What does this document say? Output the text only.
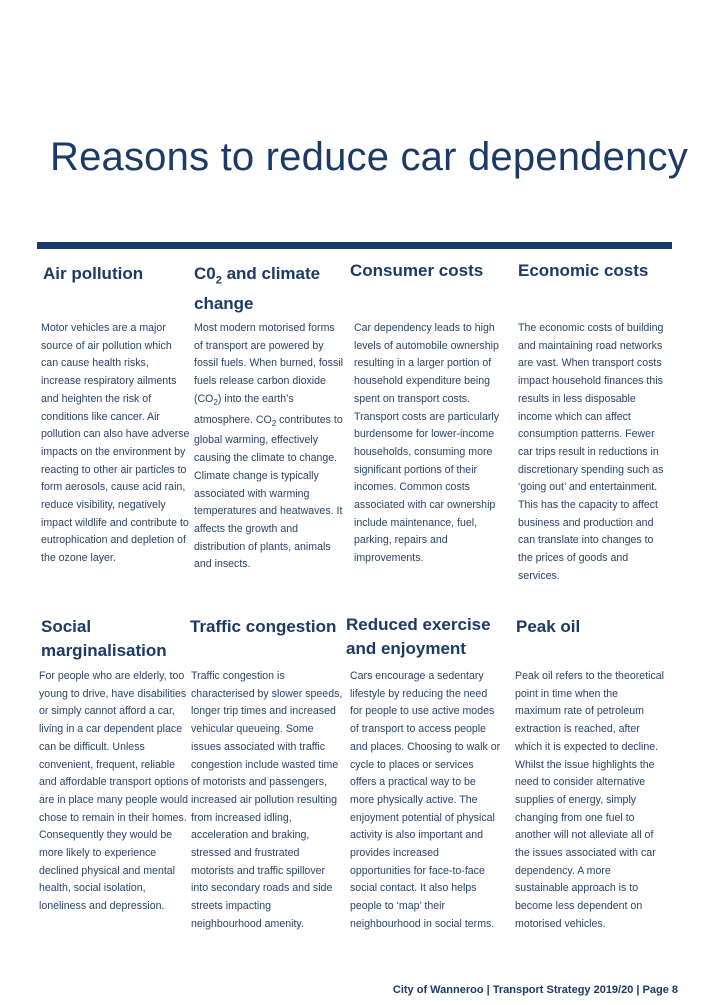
Reasons to reduce car dependency
Air pollution

Motor vehicles are a major source of air pollution which can cause health risks, increase respiratory ailments and heighten the risk of conditions like cancer. Air pollution can also have adverse impacts on the environment by reacting to other air particles to form aerosols, cause acid rain, reduce visibility, negatively impact wildlife and contribute to eutrophication and depletion of the ozone layer.

$C0_2$ and climate change

Most modern motorised forms of transport are powered by fossil fuels. When burned, fossil fuels release carbon dioxide $(CO_2)$ into the earth’s atmosphere. $CO_2$ contributes to global warming, effectively causing the climate to change. Climate change is typically associated with warming temperatures and heatwaves. It affects the growth and distribution of plants, animals and insects.

Consumer costs

Car dependency leads to high levels of automobile ownership resulting in a larger portion of household expenditure being spent on transport costs. Transport costs are particularly burdensome for lower-income households, consuming more significant portions of their incomes. Common costs associated with car ownership include maintenance, fuel, parking, repairs and improvements.

Economic costs

The economic costs of building and maintaining road networks are vast. When transport costs impact household finances this results in less disposable income which can affect consumption patterns. Fewer car trips result in reductions in discretionary spending such as ‘going out’ and entertainment. This has the capacity to affect business and production and can translate into changes to the prices of goods and services.

Social marginalisation

For people who are elderly, too young to drive, have disabilities or simply cannot afford a car, living in a car dependent place can be difficult. Unless convenient, frequent, reliable and affordable transport options are in place many people would chose to remain in their homes. Consequently they would be more likely to experience declined physical and mental health, social isolation, loneliness and depression.

Traffic congestion

Traffic congestion is characterised by slower speeds, longer trip times and increased vehicular queueing. Some issues associated with traffic congestion include wasted time of motorists and passengers, increased air pollution resulting from increased idling, acceleration and braking, stressed and frustrated motorists and traffic spillover into secondary roads and side streets impacting neighbourhood amenity.

Reduced exercise and enjoyment

Cars encourage a sedentary lifestyle by reducing the need for people to use active modes of transport to access people and places. Choosing to walk or cycle to places or services offers a practical way to be more physically active. The enjoyment potential of physical activity is also important and provides increased opportunities for face-to-face social contact. It also helps people to ‘map’ their neighbourhood in social terms.

Peak oil

Peak oil refers to the theoretical point in time when the maximum rate of petroleum extraction is reached, after which it is expected to decline. Whilst the issue highlights the need to consider alternative supplies of energy, simply changing from one fuel to another will not alleviate all of the issues associated with car dependency. A more sustainable approach is to become less dependent on motorised vehicles.

City of Wanneroo | Transport Strategy 2019/20 | Page 8
